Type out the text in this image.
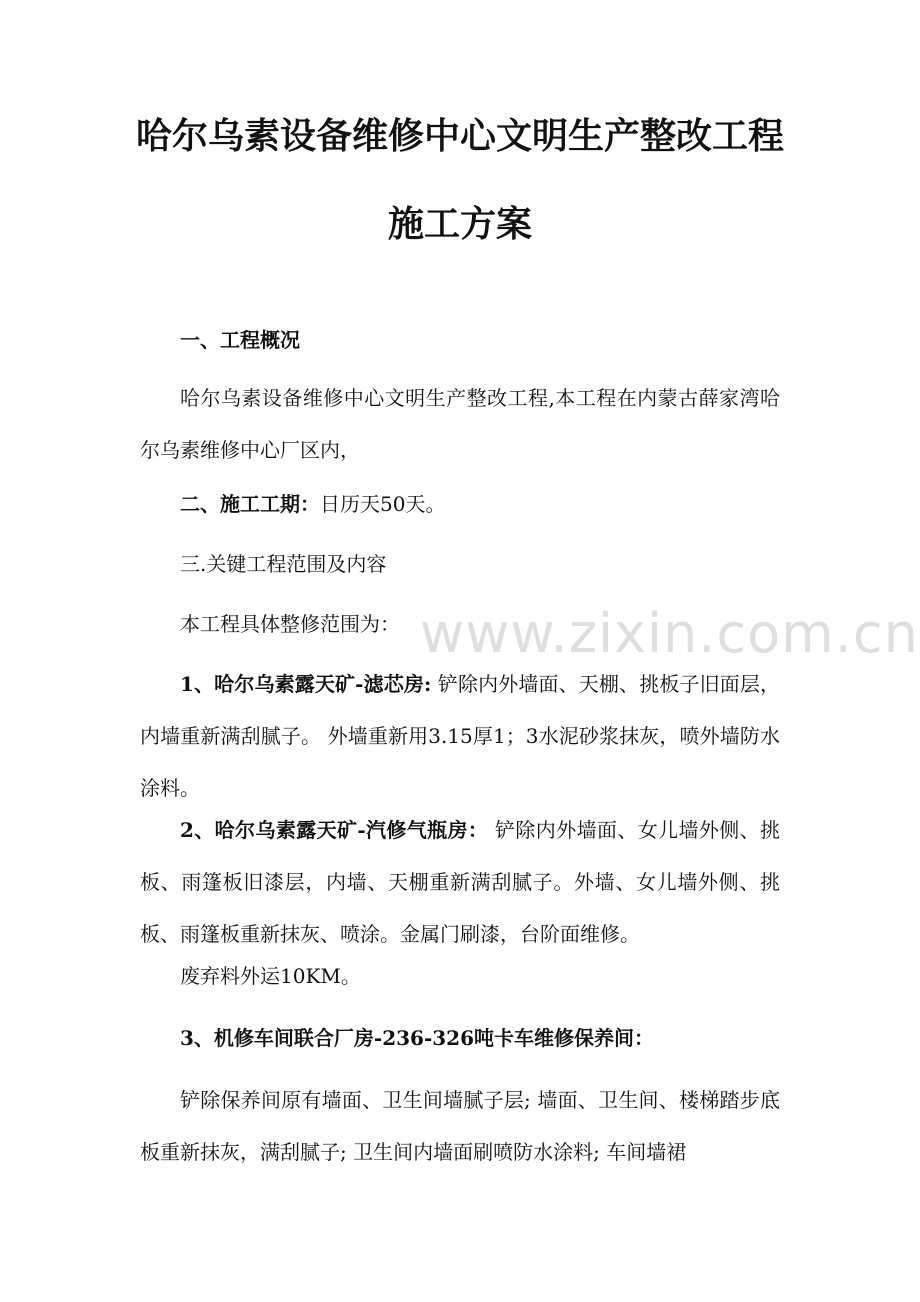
哈尔乌素设备维修中心文明生产整改工程
施工方案
www.zixin.com.cn
一、工程概况
哈尔乌素设备维修中心文明生产整改工程,本工程在内蒙古薛家湾哈尔乌素维修中心厂区内，
二、施工工期：日历天50天。
三.关键工程范围及内容
本工程具体整修范围为：
1、哈尔乌素露天矿-滤芯房: 铲除内外墙面、天棚、挑板子旧面层，内墙重新满刮腻子。 外墙重新用3.15厚1；3水泥砂浆抹灰，喷外墙防水涂料。
2、哈尔乌素露天矿-汽修气瓶房： 铲除内外墙面、女儿墙外侧、挑板、雨篷板旧漆层，内墙、天棚重新满刮腻子。外墙、女儿墙外侧、挑板、雨篷板重新抹灰、喷涂。金属门刷漆，台阶面维修。
废弃料外运10KM。
3、机修车间联合厂房-236-326吨卡车维修保养间：
铲除保养间原有墙面、卫生间墙腻子层; 墙面、卫生间、楼梯踏步底板重新抹灰，满刮腻子; 卫生间内墙面刷喷防水涂料; 车间墙裙
